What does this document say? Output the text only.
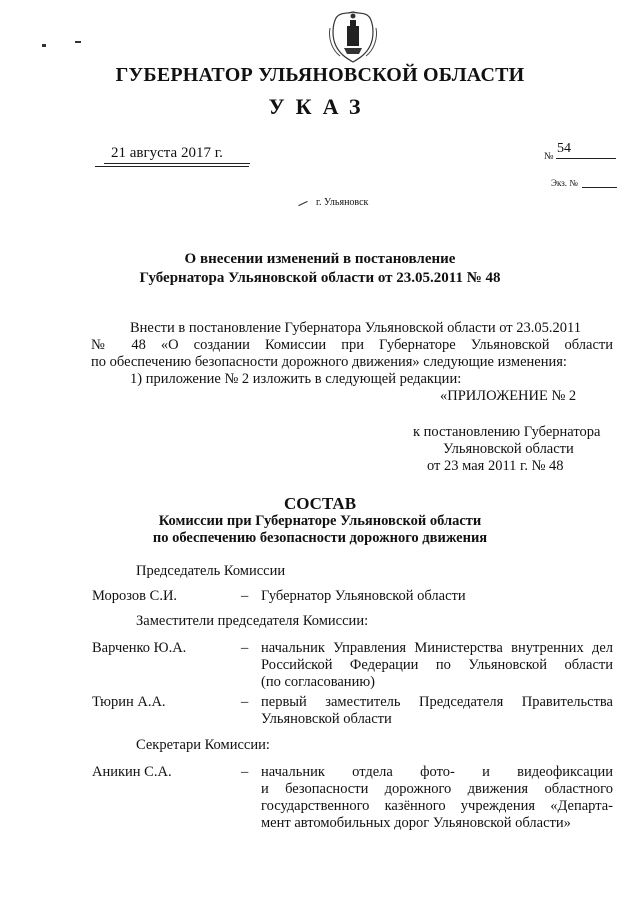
ГУБЕРНАТОР УЛЬЯНОВСКОЙ ОБЛАСТИ
УКАЗ
21 августа 2017 г.	№
54
Экз. №
г. Ульяновск
О внесении изменений в постановление
Губернатора Ульяновской области от 23.05.2011 № 48
Внести в постановление Губернатора Ульяновской области от 23.05.2011
№ 48 «О создании Комиссии при Губернаторе Ульяновской области
по обеспечению безопасности дорожного движения» следующие изменения:
1) приложение № 2 изложить в следующей редакции:
«ПРИЛОЖЕНИЕ № 2
к постановлению Губернатора
Ульяновской области
от 23 мая 2011 г. № 48
СОСТАВ
Комиссии при Губернаторе Ульяновской области
по обеспечению безопасности дорожного движения
Председатель Комиссии
Морозов С.И.	– Губернатор Ульяновской области
Заместители председателя Комиссии:
Варченко Ю.А.	– начальник Управления Министерства внутренних дел
Российской Федерации по Ульяновской области
(по согласованию)
Тюрин А.А.	– первый заместитель Председателя Правительства
Ульяновской области
Секретари Комиссии:
Аникин С.А.	– начальник отдела фото- и видеофиксации
и безопасности дорожного движения областного
государственного казённого учреждения «Департа-
мент автомобильных дорог Ульяновской области»
